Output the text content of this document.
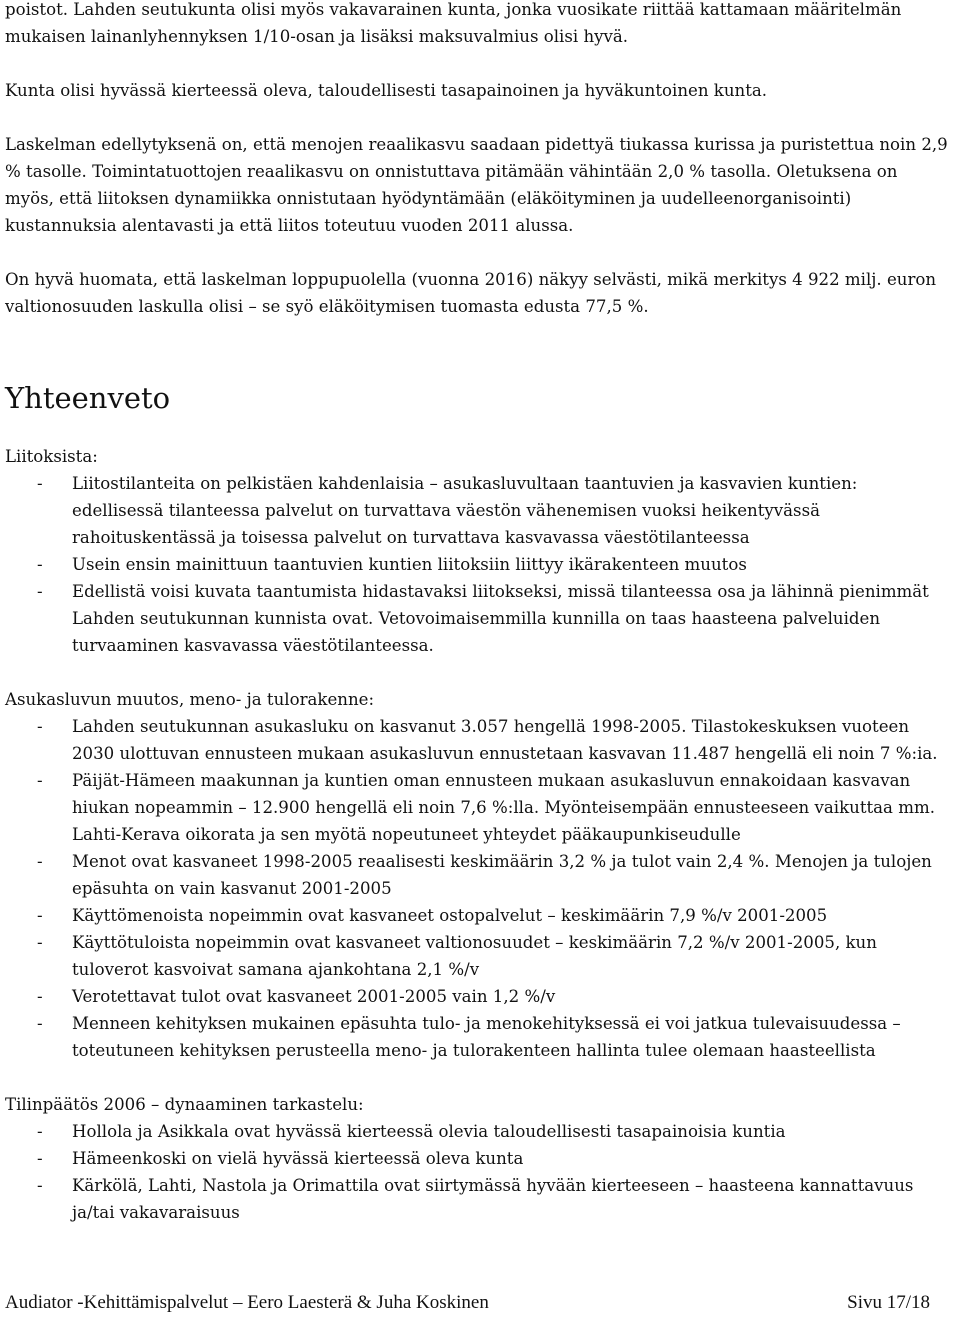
poistot. Lahden seutukunta olisi myös vakavarainen kunta, jonka vuosikate riittää kattamaan määritelmän mukaisen lainanlyhennyksen 1/10-osan ja lisäksi maksuvalmius olisi hyvä.

Kunta olisi hyvässä kierteessä oleva, taloudellisesti tasapainoinen ja hyväkuntoinen kunta.

Laskelman edellytyksenä on, että menojen reaalikasvu saadaan pidettyä tiukassa kurissa ja puristettua noin 2,9 % tasolle. Toimintatuottojen reaalikasvu on onnistuttava pitämään vähintään 2,0 % tasolla. Oletuksena on myös, että liitoksen dynamiikka onnistutaan hyödyntämään (eläköityminen ja uudelleenorganisointi) kustannuksia alentavasti ja että liitos toteutuu vuoden 2011 alussa.

On hyvä huomata, että laskelman loppupuolella (vuonna 2016) näkyy selvästi, mikä merkitys 4 922 milj. euron valtionosuuden laskulla olisi – se syö eläköitymisen tuomasta edusta 77,5 %.

Yhteenveto

Liitoksista:

- Liitostilanteita on pelkistäen kahdenlaisia – asukasluvultaan taantuvien ja kasvavien kuntien: edellisessä tilanteessa palvelut on turvattava väestön vähenemisen vuoksi heikentyvässä rahoituskentässä ja toisessa palvelut on turvattava kasvavassa väestötilanteessa
- Usein ensin mainittuun taantuvien kuntien liitoksiin liittyy ikärakenteen muutos
- Edellistä voisi kuvata taantumista hidastavaksi liitokseksi, missä tilanteessa osa ja lähinnä pienimmät Lahden seutukunnan kunnista ovat. Vetovoimaisemmilla kunnilla on taas haasteena palveluiden turvaaminen kasvavassa väestötilanteessa.

Asukasluvun muutos, meno- ja tulorakenne:

- Lahden seutukunnan asukasluku on kasvanut 3.057 hengellä 1998-2005. Tilastokeskuksen vuoteen 2030 ulottuvan ennusteen mukaan asukasluvun ennustetaan kasvavan 11.487 hengellä eli noin 7 %:ia.
- Päijät-Hämeen maakunnan ja kuntien oman ennusteen mukaan asukasluvun ennakoidaan kasvavan hiukan nopeammin – 12.900 hengellä eli noin 7,6 %:lla. Myönteisempään ennusteeseen vaikuttaa mm. Lahti-Kerava oikorata ja sen myötä nopeutuneet yhteydet pääkaupunkiseudulle
- Menot ovat kasvaneet 1998-2005 reaalisesti keskimäärin 3,2 % ja tulot vain 2,4 %. Menojen ja tulojen epäsuhta on vain kasvanut 2001-2005
- Käyttömenoista nopeimmin ovat kasvaneet ostopalvelut – keskimäärin 7,9 %/v 2001-2005
- Käyttötuloista nopeimmin ovat kasvaneet valtionosuudet – keskimäärin 7,2 %/v 2001-2005, kun tuloverot kasvoivat samana ajankohtana 2,1 %/v
- Verotettavat tulot ovat kasvaneet 2001-2005 vain 1,2 %/v
- Menneen kehityksen mukainen epäsuhta tulo- ja menokehityksessä ei voi jatkua tulevaisuudessa – toteutuneen kehityksen perusteella meno- ja tulorakenteen hallinta tulee olemaan haasteellista

Tilinpäätös 2006 – dynaaminen tarkastelu:

- Hollola ja Asikkala ovat hyvässä kierteessä olevia taloudellisesti tasapainoisia kuntia
- Hämeenkoski on vielä hyvässä kierteessä oleva kunta
- Kärkölä, Lahti, Nastola ja Orimattila ovat siirtymässä hyvään kierteeseen – haasteena kannattavuus ja/tai vakavaraisuus
Audiator -Kehittämispalvelut – Eero Laesterä & Juha Koskinen	Sivu 17/18
